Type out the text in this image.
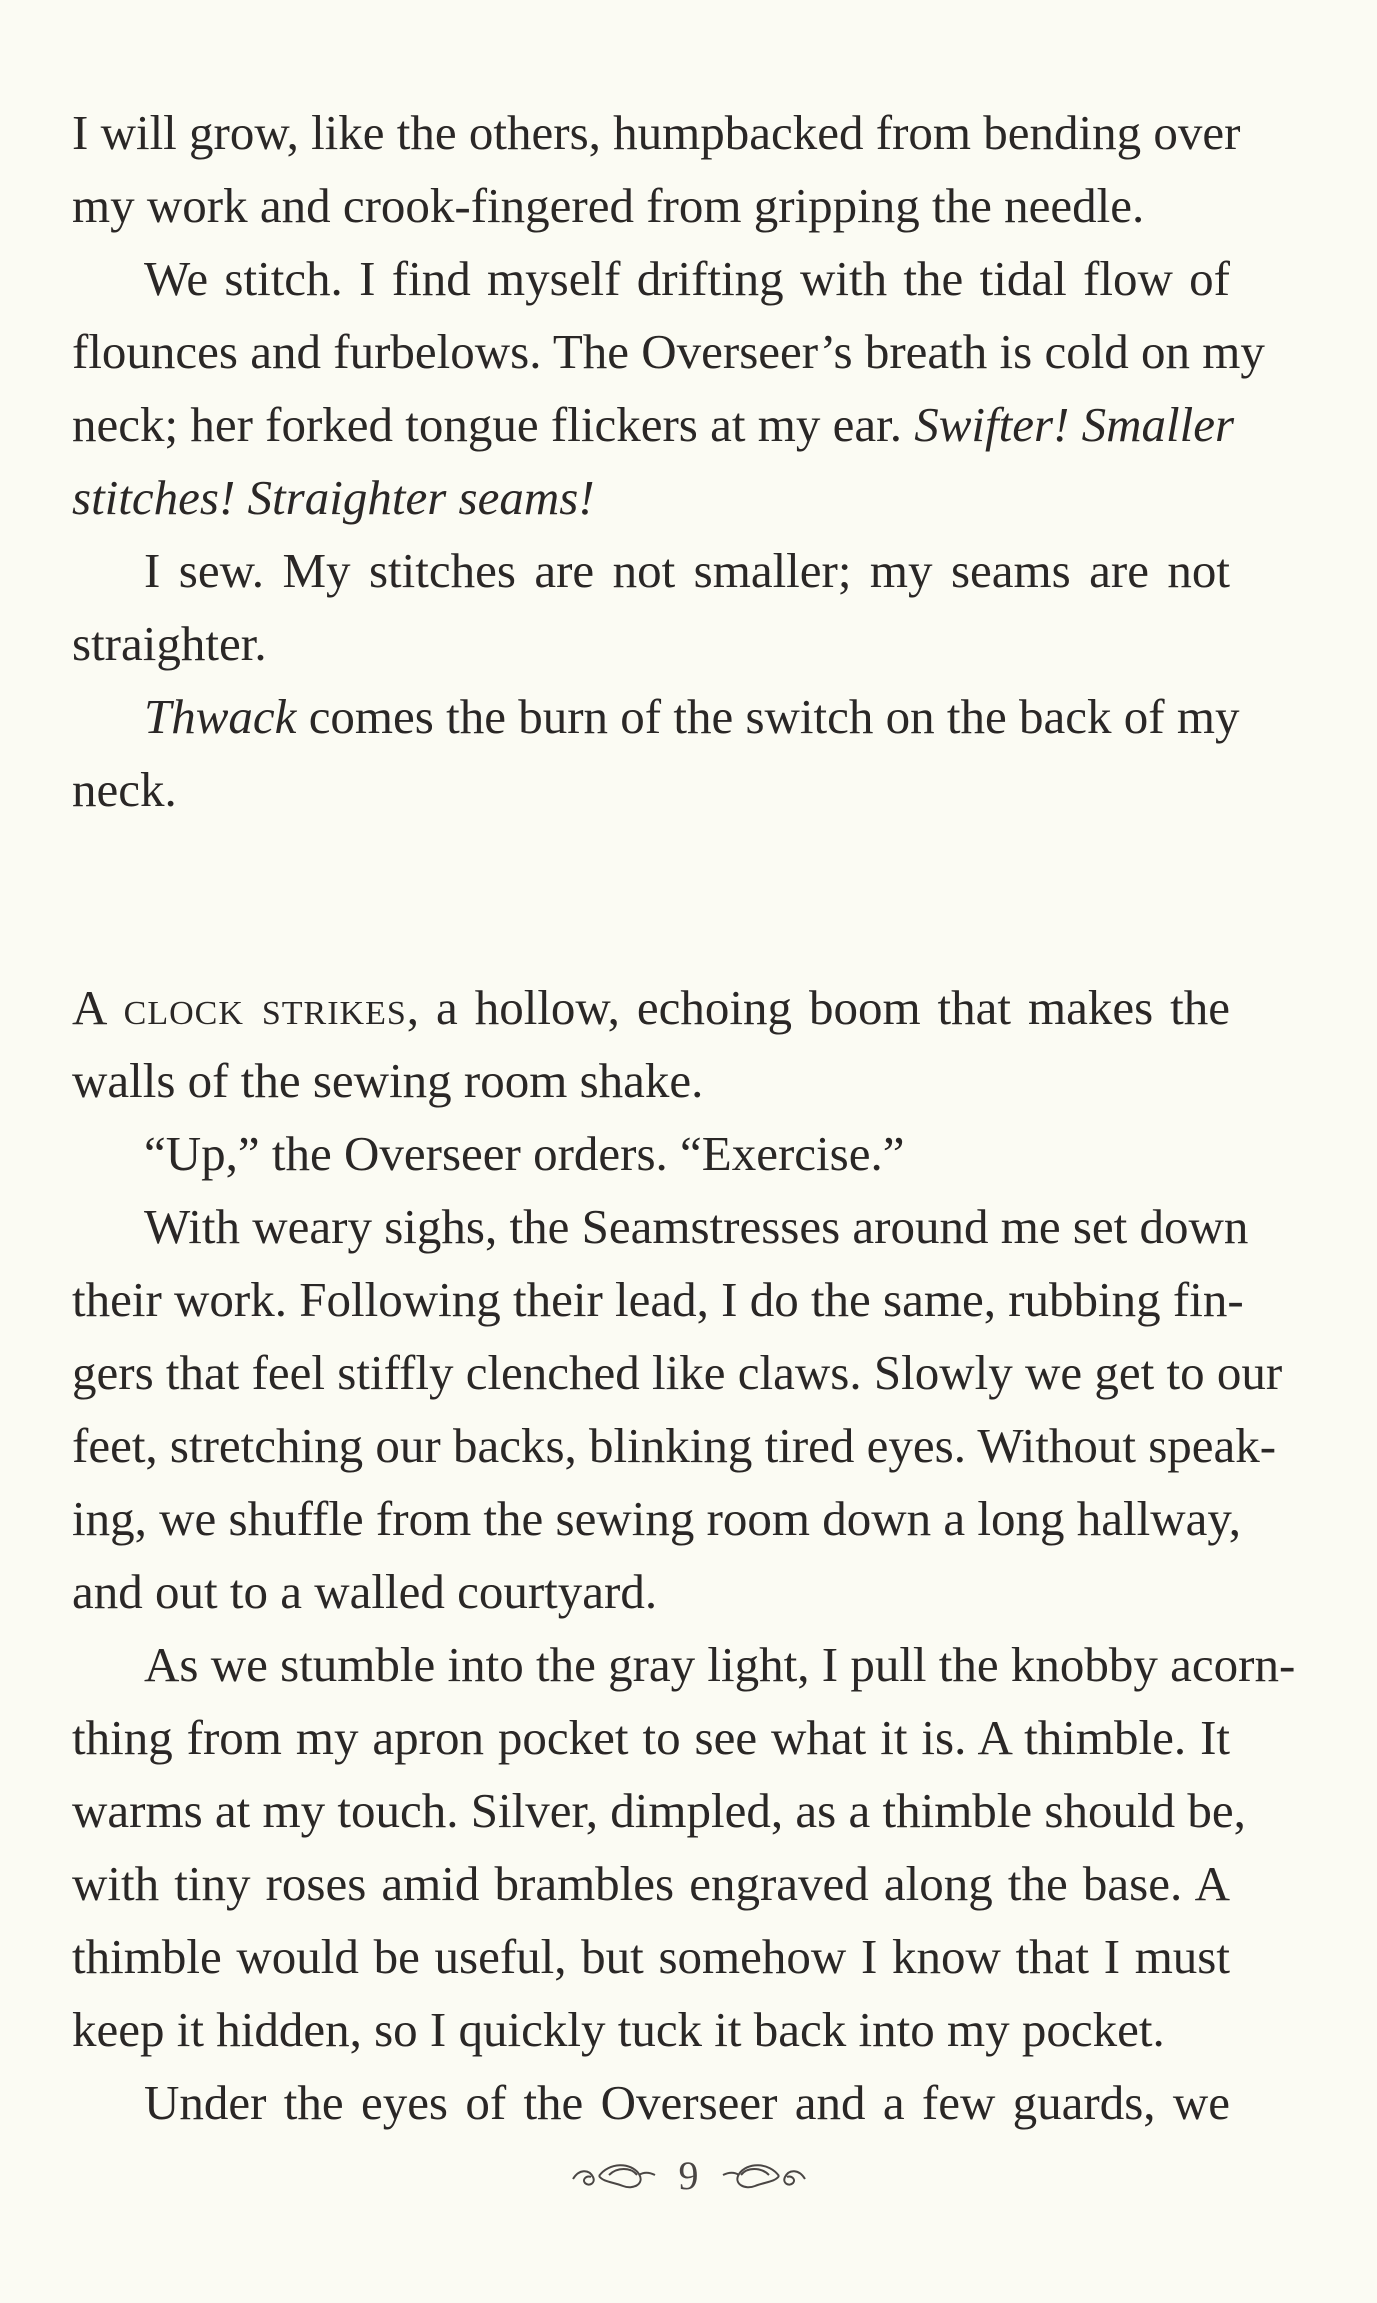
I will grow, like the others, humpbacked from bending over
my work and crook-fingered from gripping the needle.
We stitch. I find myself drifting with the tidal flow of
flounces and furbelows. The Overseer’s breath is cold on my
neck; her forked tongue flickers at my ear. Swifter! Smaller
stitches! Straighter seams!
I sew. My stitches are not smaller; my seams are not
straighter.
Thwack comes the burn of the switch on the back of my
neck.
A clock strikes, a hollow, echoing boom that makes the
walls of the sewing room shake.
“Up,” the Overseer orders. “Exercise.”
With weary sighs, the Seamstresses around me set down
their work. Following their lead, I do the same, rubbing fin-
gers that feel stiffly clenched like claws. Slowly we get to our
feet, stretching our backs, blinking tired eyes. Without speak-
ing, we shuffle from the sewing room down a long hallway,
and out to a walled courtyard.
As we stumble into the gray light, I pull the knobby acorn-
thing from my apron pocket to see what it is. A thimble. It
warms at my touch. Silver, dimpled, as a thimble should be,
with tiny roses amid brambles engraved along the base. A
thimble would be useful, but somehow I know that I must
keep it hidden, so I quickly tuck it back into my pocket.
Under the eyes of the Overseer and a few guards, we
9
